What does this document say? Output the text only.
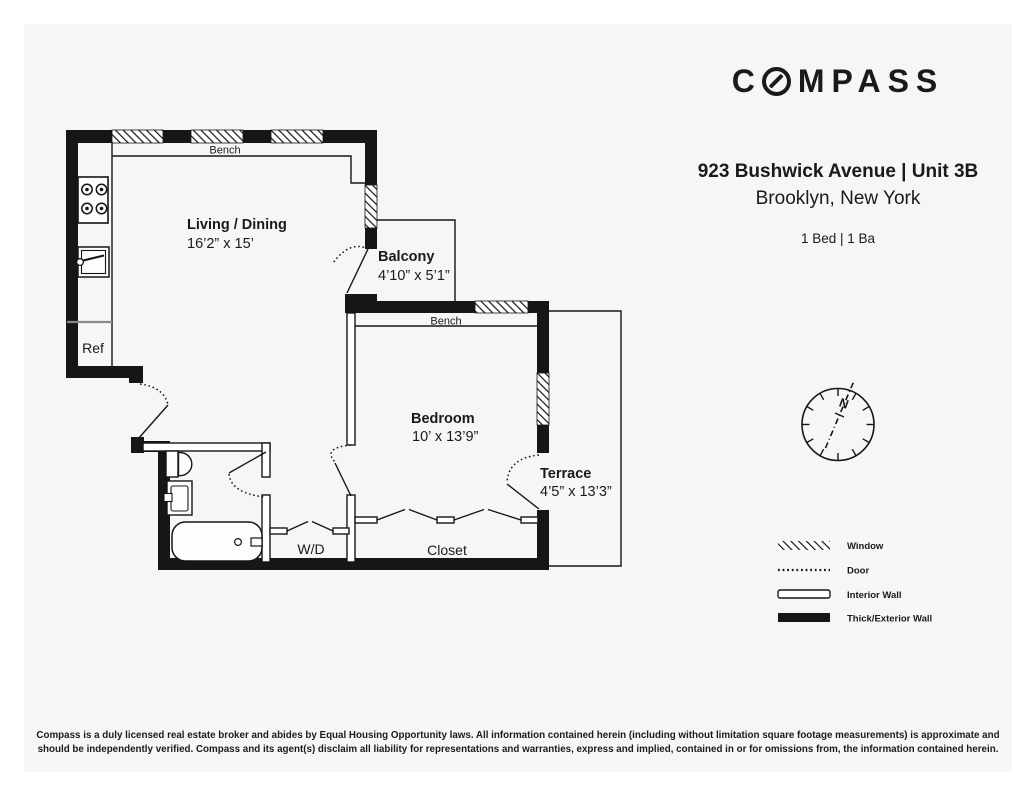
C MPASS
923 Bushwick Avenue | Unit 3B
Brooklyn, New York
1 Bed | 1 Ba
Bench
Bench
Living / Dining
16’2” x 15’
Balcony
4’10” x 5’1”
Bedroom
10’ x 13’9”
Terrace
4’5” x 13’3”
Ref
W/D	Closet
N
Window
Door
Interior Wall
Thick/Exterior Wall
Compass is a duly licensed real estate broker and abides by Equal Housing Opportunity laws. All information contained herein (including without limitation square footage measurements) is approximate and
should be independently verified. Compass and its agent(s) disclaim all liability for representations and warranties, express and implied, contained in or for omissions from, the information contained herein.
